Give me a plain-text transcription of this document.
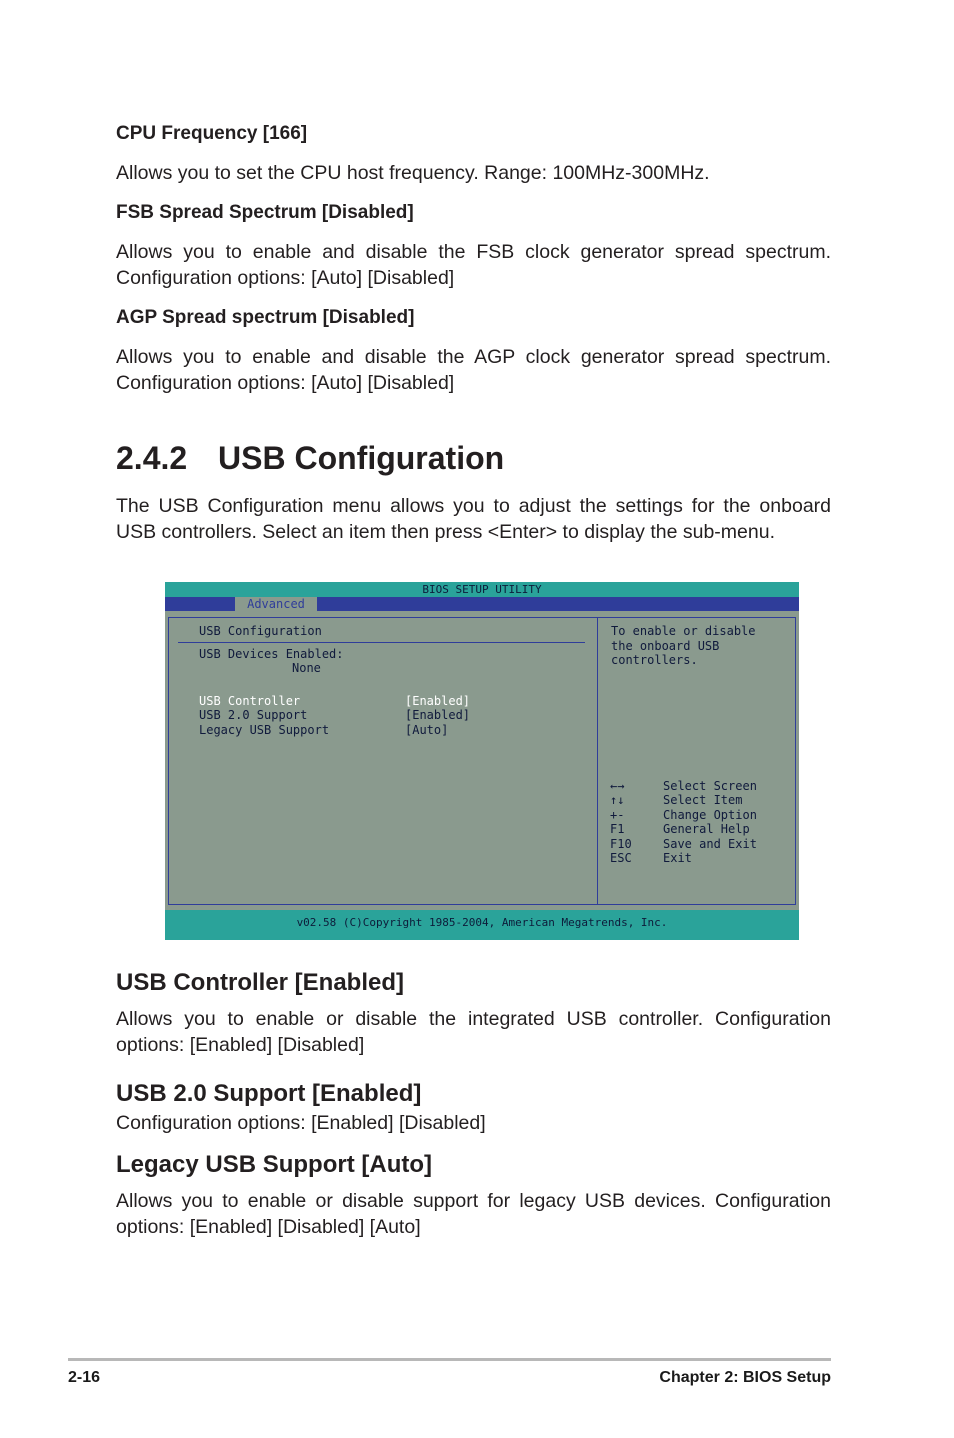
CPU Frequency [166]
Allows you to set the CPU host frequency. Range: 100MHz-300MHz.
FSB Spread Spectrum [Disabled]
Allows you to enable and disable the FSB clock generator spread spectrum. Configuration options: [Auto] [Disabled]
AGP Spread spectrum [Disabled]
Allows you to enable and disable the AGP clock generator spread spectrum. Configuration options: [Auto] [Disabled]
2.4.2 USB Configuration
The USB Configuration menu allows you to adjust the settings for the onboard USB controllers. Select an item then press <Enter> to display the sub-menu.
BIOS SETUP UTILITY
Advanced
USB Configuration
USB Devices Enabled:
None
USB Controller	[Enabled]
USB 2.0 Support	[Enabled]
Legacy USB Support	[Auto]
To enable or disable
the onboard USB
controllers.
←→	Select Screen
↑↓	Select Item
+-	Change Option
F1	General Help
F10	Save and Exit
ESC	Exit
v02.58 (C)Copyright 1985-2004, American Megatrends, Inc.
USB Controller [Enabled]
Allows you to enable or disable the integrated USB controller. Configuration options: [Enabled] [Disabled]
USB 2.0 Support [Enabled]
Configuration options: [Enabled] [Disabled]
Legacy USB Support [Auto]
Allows you to enable or disable support for legacy USB devices. Configuration options: [Enabled] [Disabled] [Auto]
2-16	Chapter 2: BIOS Setup
